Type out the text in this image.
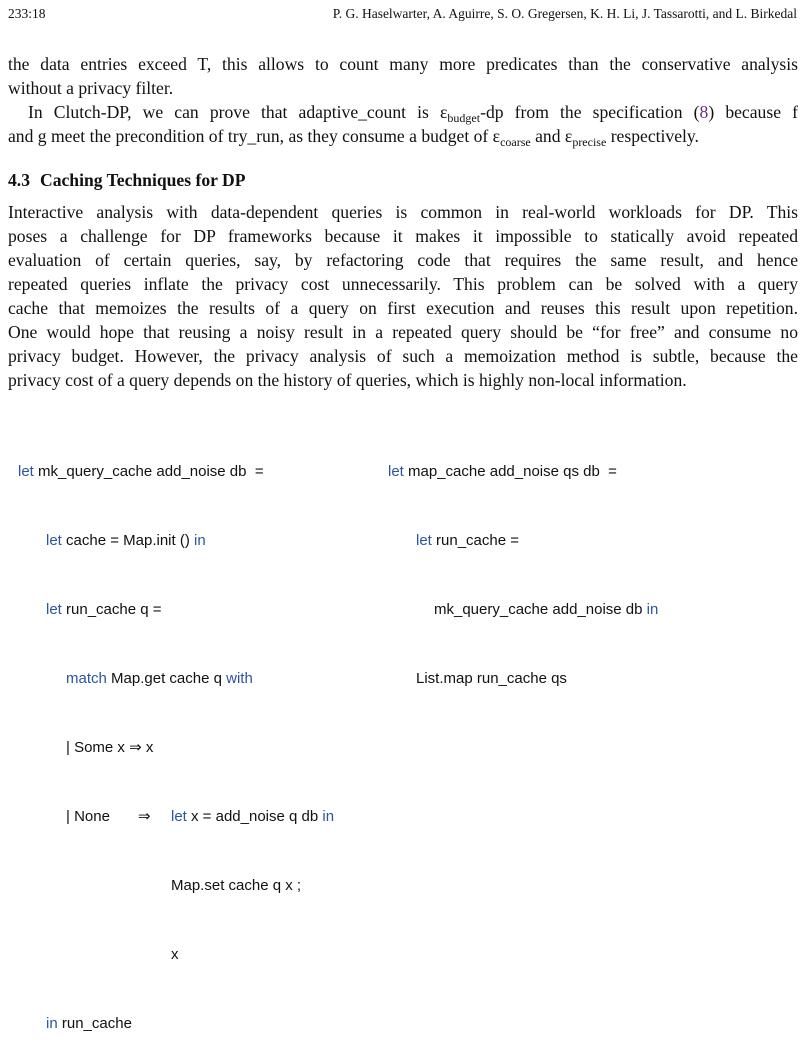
233:18	P. G. Haselwarter, A. Aguirre, S. O. Gregersen, K. H. Li, J. Tassarotti, and L. Birkedal
the data entries exceed T, this allows to count many more predicates than the conservative analysis
without a privacy filter.
In Clutch-DP, we can prove that adaptive_count is $\varepsilon_{budget}-dp$ from the specification (8) because f
and g meet the precondition of try_run, as they consume a budget of $\varepsilon_{coarse}$ and $\varepsilon_{precise}$ respectively.
4.3 Caching Techniques for DP
Interactive analysis with data-dependent queries is common in real-world workloads for DP. This
poses a challenge for DP frameworks because it makes it impossible to statically avoid repeated
evaluation of certain queries, say, by refactoring code that requires the same result, and hence
repeated queries inflate the privacy cost unnecessarily. This problem can be solved with a query
cache that memoizes the results of a query on first execution and reuses this result upon repetition.
One would hope that reusing a noisy result in a repeated query should be “for free” and consume no
privacy budget. However, the privacy analysis of such a memoization method is subtle, because the
privacy cost of a query depends on the history of queries, which is highly non-local information.

let mk_query_cache add_noise db  =

let cache = Map.init () in

let run_cache q =

match Map.get cache q with

| Some x ⇒ x

| None ⇒ let x = add_noise q db in

Map.set cache q x ;

x

in run_cache

let map_cache add_noise qs db  =

let run_cache =

mk_query_cache add_noise db in

List.map run_cache qs
